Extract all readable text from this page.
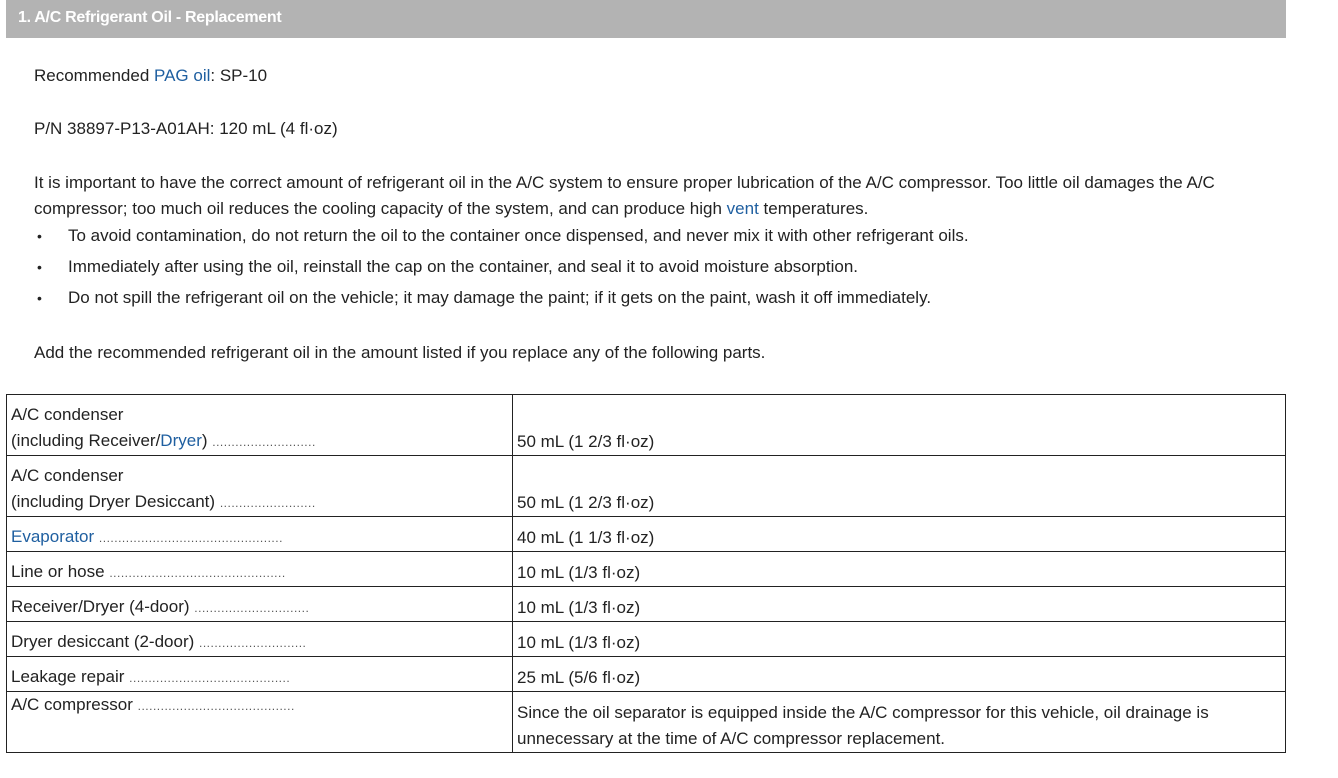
1. A/C Refrigerant Oil - Replacement
Recommended PAG oil: SP-10
P/N 38897-P13-A01AH: 120 mL (4 fl·oz)
It is important to have the correct amount of refrigerant oil in the A/C system to ensure proper lubrication of the A/C compressor. Too little oil damages the A/C compressor; too much oil reduces the cooling capacity of the system, and can produce high vent temperatures.
• To avoid contamination, do not return the oil to the container once dispensed, and never mix it with other refrigerant oils.
• Immediately after using the oil, reinstall the cap on the container, and seal it to avoid moisture absorption.
• Do not spill the refrigerant oil on the vehicle; it may damage the paint; if it gets on the paint, wash it off immediately.
Add the recommended refrigerant oil in the amount listed if you replace any of the following parts.
A/C condenser
(including Receiver/Dryer) ...........................	50 mL (1 2/3 fl·oz)

A/C condenser
(including Dryer Desiccant) .........................	50 mL (1 2/3 fl·oz)

Evaporator ................................................	40 mL (1 1/3 fl·oz)

Line or hose ..............................................	10 mL (1/3 fl·oz)

Receiver/Dryer (4-door) ..............................	10 mL (1/3 fl·oz)

Dryer desiccant (2-door) ............................	10 mL (1/3 fl·oz)

Leakage repair ..........................................	25 mL (5/6 fl·oz)

A/C compressor .........................................	Since the oil separator is equipped inside the A/C compressor for this vehicle, oil drainage is
unnecessary at the time of A/C compressor replacement.
